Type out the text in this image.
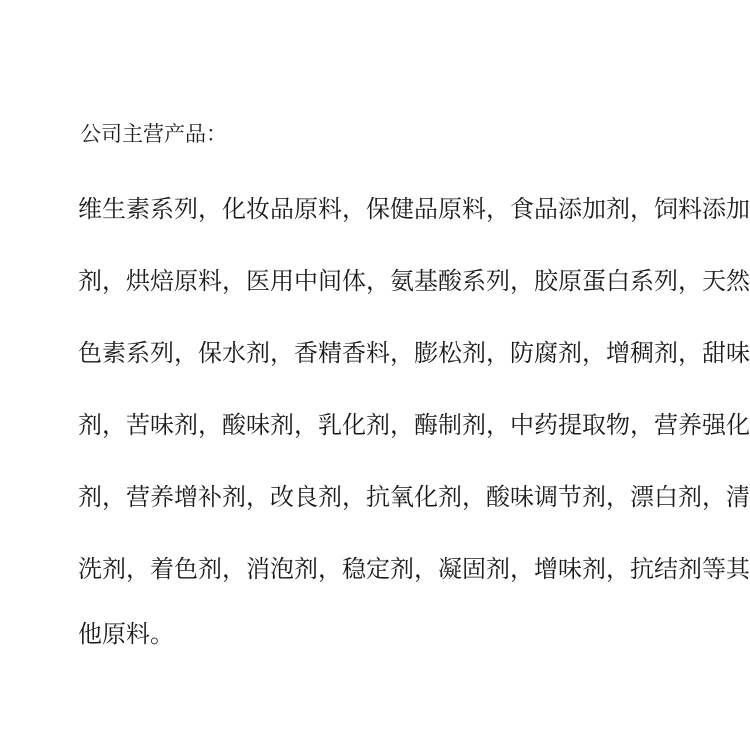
公司主营产品：

维生素系列，化妆品原料，保健品原料，食品添加剂，饲料添加

剂，烘焙原料，医用中间体，氨基酸系列，胶原蛋白系列，天然

色素系列，保水剂，香精香料，膨松剂，防腐剂，增稠剂，甜味

剂，苦味剂，酸味剂，乳化剂，酶制剂，中药提取物，营养强化

剂，营养增补剂，改良剂，抗氧化剂，酸味调节剂，漂白剂，清

洗剂，着色剂，消泡剂，稳定剂，凝固剂，增味剂，抗结剂等其

他原料。
